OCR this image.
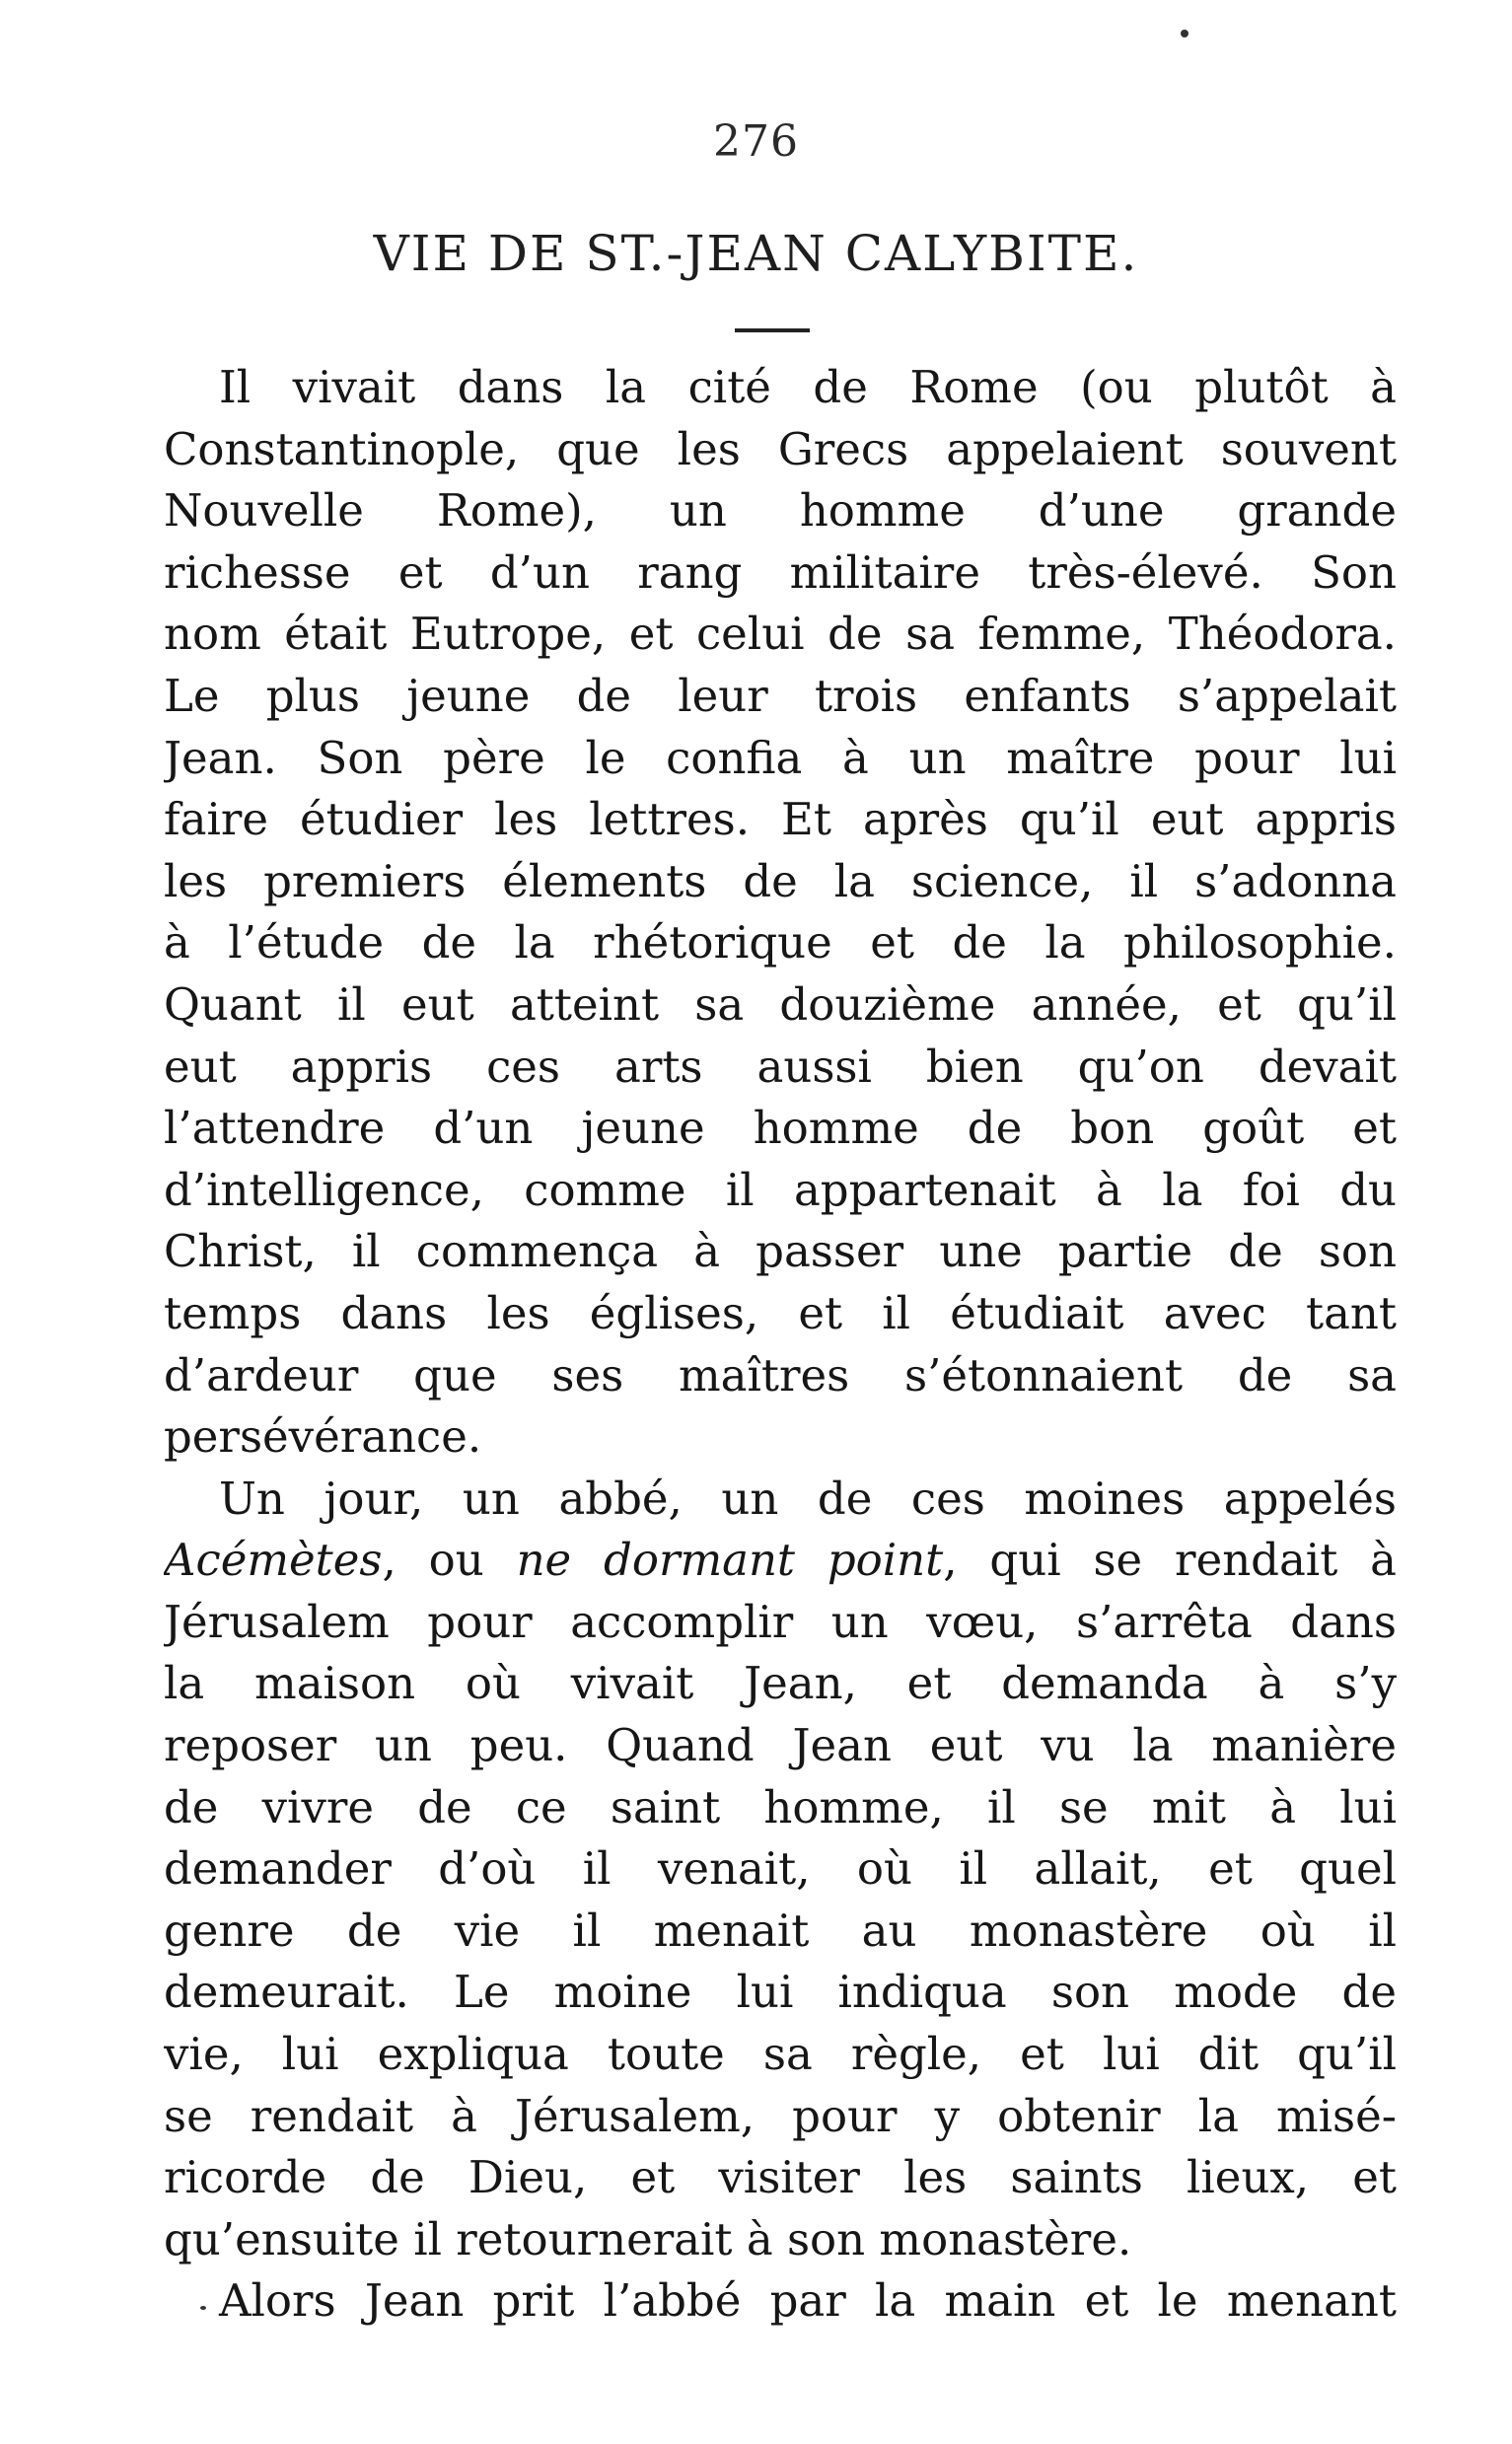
276
VIE DE ST.-JEAN CALYBITE.
Il vivait dans la cité de Rome (ou plutôt à
Constantinople, que les Grecs appelaient souvent
Nouvelle Rome), un homme d’une grande
richesse et d’un rang militaire très-élevé. Son
nom était Eutrope, et celui de sa femme, Théodora.
Le plus jeune de leur trois enfants s’appelait
Jean. Son père le confia à un maître pour lui
faire étudier les lettres. Et après qu’il eut appris
les premiers élements de la science, il s’adonna
à l’étude de la rhétorique et de la philosophie.
Quant il eut atteint sa douzième année, et qu’il
eut appris ces arts aussi bien qu’on devait
l’attendre d’un jeune homme de bon goût et
d’intelligence, comme il appartenait à la foi du
Christ, il commença à passer une partie de son
temps dans les églises, et il étudiait avec tant
d’ardeur que ses maîtres s’étonnaient de sa
persévérance.
Un jour, un abbé, un de ces moines appelés
Acémètes, ou ne dormant point, qui se rendait à
Jérusalem pour accomplir un vœu, s’arrêta dans
la maison où vivait Jean, et demanda à s’y
reposer un peu. Quand Jean eut vu la manière
de vivre de ce saint homme, il se mit à lui
demander d’où il venait, où il allait, et quel
genre de vie il menait au monastère où il
demeurait. Le moine lui indiqua son mode de
vie, lui expliqua toute sa règle, et lui dit qu’il
se rendait à Jérusalem, pour y obtenir la misé-
ricorde de Dieu, et visiter les saints lieux, et
qu’ensuite il retournerait à son monastère.
Alors Jean prit l’abbé par la main et le menant
